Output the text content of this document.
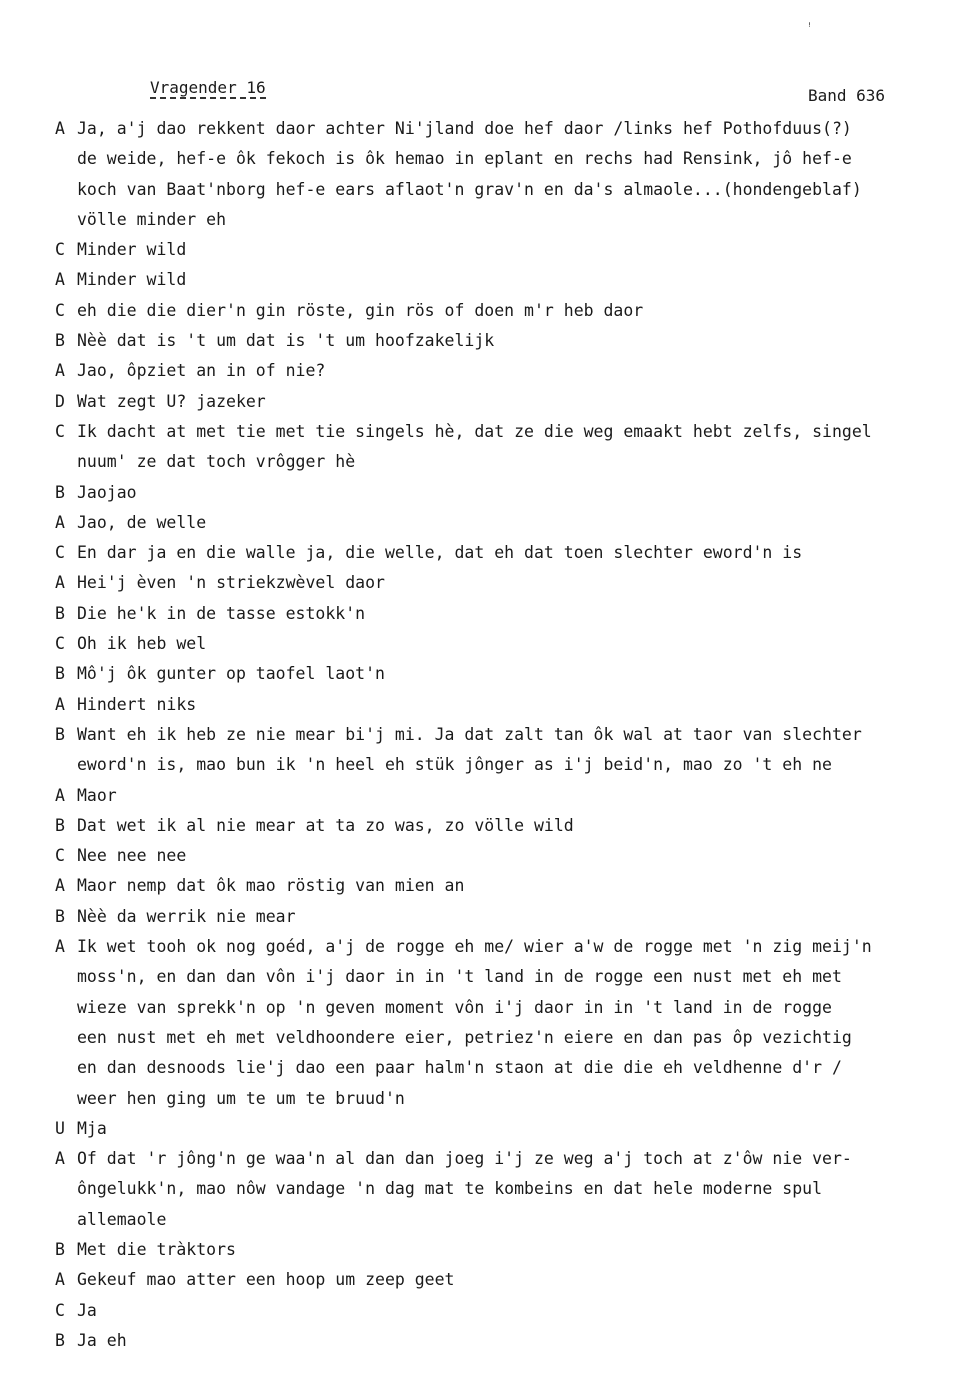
ꜝ
Vragender 16	Band 636
A Ja, a'j dao rekkent daor achter Ni'jland doe hef daor /links hef Pothofduus(?)
de weide, hef-e ôk fekoch is ôk hemao in eplant en rechs had Rensink, jô hef-e
koch van Baat'nborg hef-e ears aflaot'n grav'n en da's almaole...(hondengeblaf)
völle minder eh
C Minder wild
A Minder wild
C eh die die dier'n gin röste, gin rös of doen m'r heb daor
B Nèè dat is 't um dat is 't um hoofzakelijk
A Jao, ôpziet an in of nie?
D Wat zegt U? jazeker
C Ik dacht at met tie met tie singels hè, dat ze die weg emaakt hebt zelfs, singel
nuum' ze dat toch vrôgger hè
B Jaojao
A Jao, de welle
C En dar ja en die walle ja, die welle, dat eh dat toen slechter eword'n is
A Hei'j èven 'n striekzwèvel daor
B Die he'k in de tasse estokk'n
C Oh ik heb wel
B Mô'j ôk gunter op taofel laot'n
A Hindert niks
B Want eh ik heb ze nie mear bi'j mi. Ja dat zalt tan ôk wal at taor van slechter
eword'n is, mao bun ik 'n heel eh stük jônger as i'j beid'n, mao zo 't eh ne
A Maor
B Dat wet ik al nie mear at ta zo was, zo völle wild
C Nee nee nee
A Maor nemp dat ôk mao röstig van mien an
B Nèè da werrik nie mear
A Ik wet tooh ok nog goéd, a'j de rogge eh me/ wier a'w de rogge met 'n zig meij'n
moss'n, en dan dan vôn i'j daor in in 't land in de rogge een nust met eh met
wieze van sprekk'n op 'n geven moment vôn i'j daor in in 't land in de rogge
een nust met eh met veldhoondere eier, petriez'n eiere en dan pas ôp vezichtig
en dan desnoods lie'j dao een paar halm'n staon at die die eh veldhenne d'r /
weer hen ging um te um te bruud'n
U Mja
A Of dat 'r jông'n ge waa'n al dan dan joeg i'j ze weg a'j toch at z'ôw nie ver-
ôngelukk'n, mao nôw vandage 'n dag mat te kombeins en dat hele moderne spul
allemaole
B Met die tràktors
A Gekeuf mao atter een hoop um zeep geet
C Ja
B Ja eh
